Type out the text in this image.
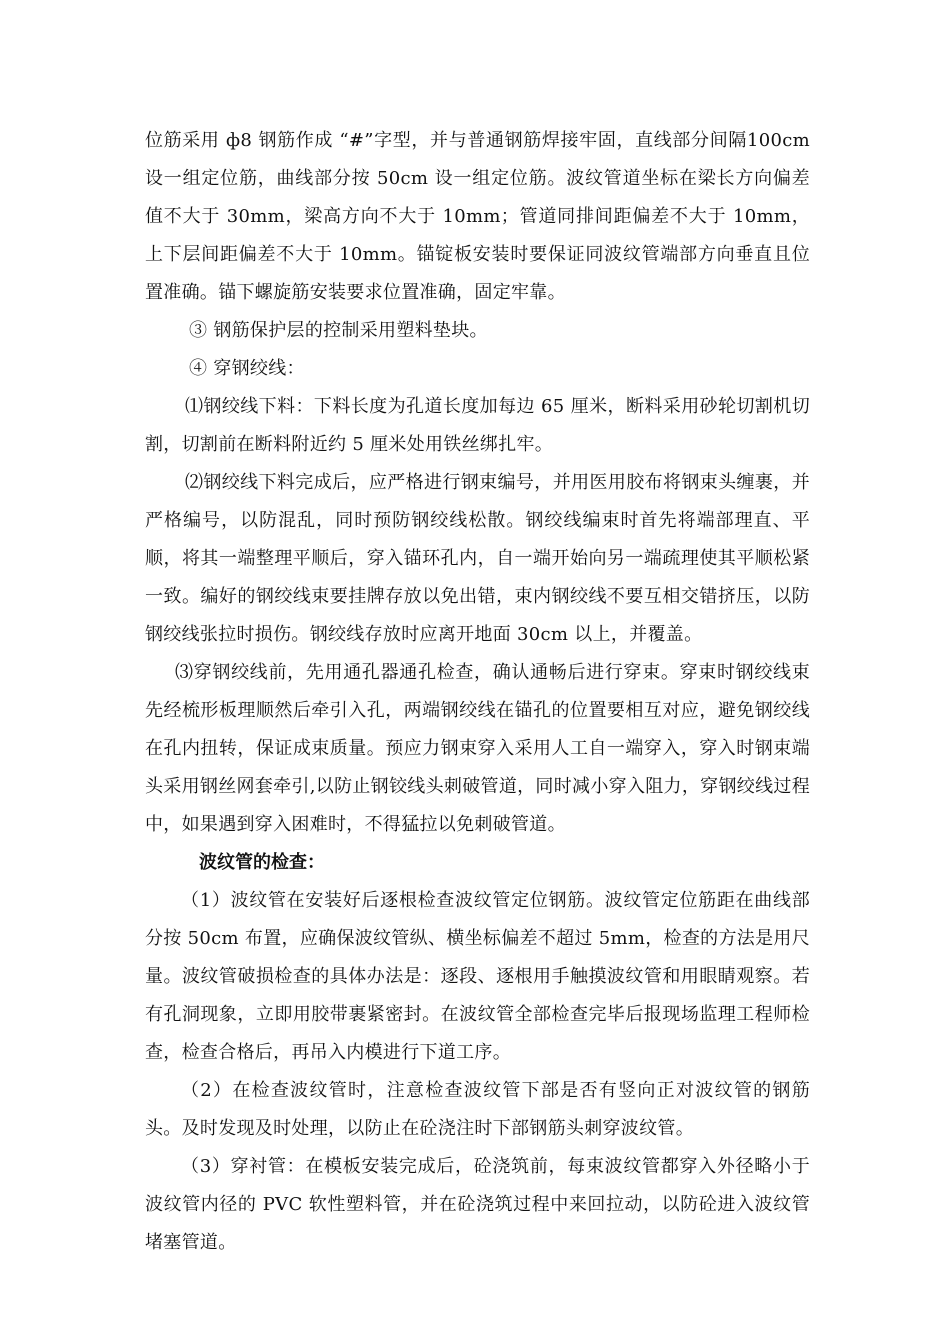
位筋采用 ф8 钢筋作成 “#”字型，并与普通钢筋焊接牢固，直线部分间隔100cm 设一组定位筋，曲线部分按 50cm 设一组定位筋。波纹管道坐标在梁长方向偏差值不大于 30mm，梁高方向不大于 10mm；管道同排间距偏差不大于 10mm，上下层间距偏差不大于 10mm。锚锭板安装时要保证同波纹管端部方向垂直且位置准确。锚下螺旋筋安装要求位置准确，固定牢靠。

③ 钢筋保护层的控制采用塑料垫块。

④ 穿钢绞线：

⑴钢绞线下料：下料长度为孔道长度加每边 65 厘米，断料采用砂轮切割机切割，切割前在断料附近约 5 厘米处用铁丝绑扎牢。

⑵钢绞线下料完成后，应严格进行钢束编号，并用医用胶布将钢束头缠裹，并严格编号，以防混乱，同时预防钢绞线松散。钢绞线编束时首先将端部理直、平顺，将其一端整理平顺后，穿入锚环孔内，自一端开始向另一端疏理使其平顺松紧一致。编好的钢绞线束要挂牌存放以免出错，束内钢绞线不要互相交错挤压，以防钢绞线张拉时损伤。钢绞线存放时应离开地面 30cm 以上，并覆盖。

⑶穿钢绞线前，先用通孔器通孔检查，确认通畅后进行穿束。穿束时钢绞线束先经梳形板理顺然后牵引入孔，两端钢绞线在锚孔的位置要相互对应，避免钢绞线在孔内扭转，保证成束质量。预应力钢束穿入采用人工自一端穿入，穿入时钢束端头采用钢丝网套牵引,以防止钢铰线头刺破管道，同时减小穿入阻力，穿钢绞线过程中，如果遇到穿入困难时，不得猛拉以免刺破管道。

波纹管的检查：

（1）波纹管在安装好后逐根检查波纹管定位钢筋。波纹管定位筋距在曲线部分按 50cm 布置，应确保波纹管纵、横坐标偏差不超过 5mm，检查的方法是用尺量。波纹管破损检查的具体办法是：逐段、逐根用手触摸波纹管和用眼睛观察。若有孔洞现象，立即用胶带裹紧密封。在波纹管全部检查完毕后报现场监理工程师检查，检查合格后，再吊入内模进行下道工序。

（2）在检查波纹管时，注意检查波纹管下部是否有竖向正对波纹管的钢筋头。及时发现及时处理，以防止在砼浇注时下部钢筋头刺穿波纹管。

（3）穿衬管：在模板安装完成后，砼浇筑前，每束波纹管都穿入外径略小于波纹管内径的 PVC 软性塑料管，并在砼浇筑过程中来回拉动，以防砼进入波纹管堵塞管道。
